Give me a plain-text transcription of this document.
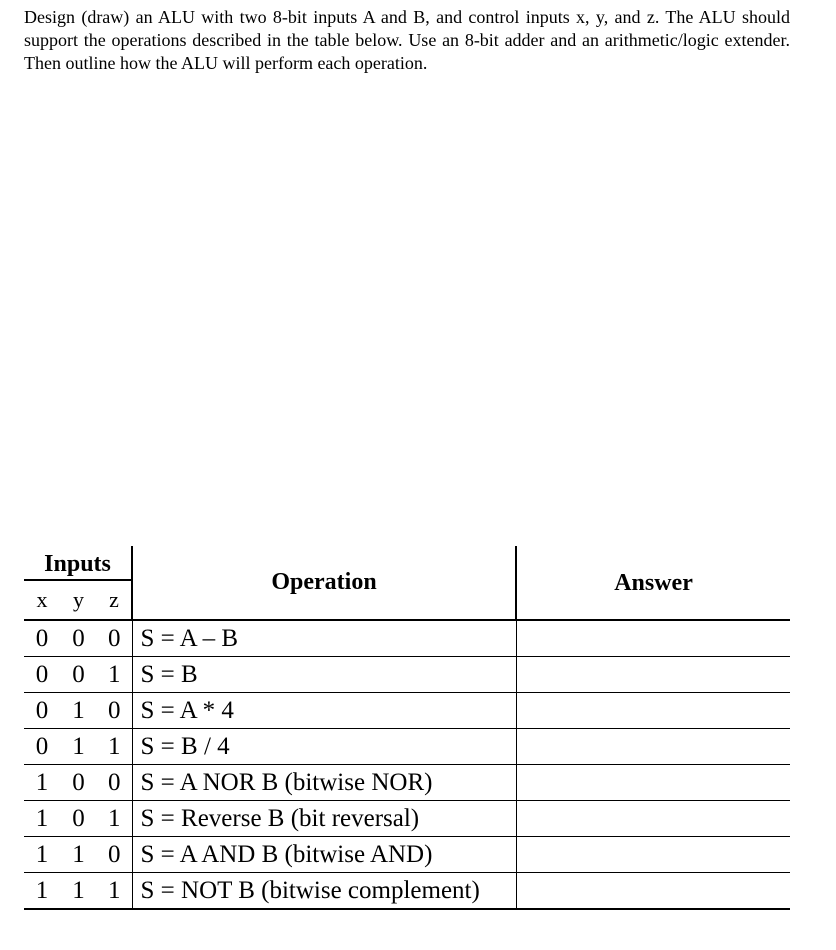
Design (draw) an ALU with two 8-bit inputs A and B, and control inputs x, y, and z. The ALU should support the operations described in the table below. Use an 8-bit adder and an arithmetic/logic extender. Then outline how the ALU will perform each operation.

Inputs			Operation	Answer
x	y	z		
0	0	0	S = A – B	
0	0	1	S = B	
0	1	0	S = A * 4	
0	1	1	S = B / 4	
1	0	0	S = A NOR B (bitwise NOR)	
1	0	1	S = Reverse B (bit reversal)	
1	1	0	S = A AND B (bitwise AND)	
1	1	1	S = NOT B (bitwise complement)	
